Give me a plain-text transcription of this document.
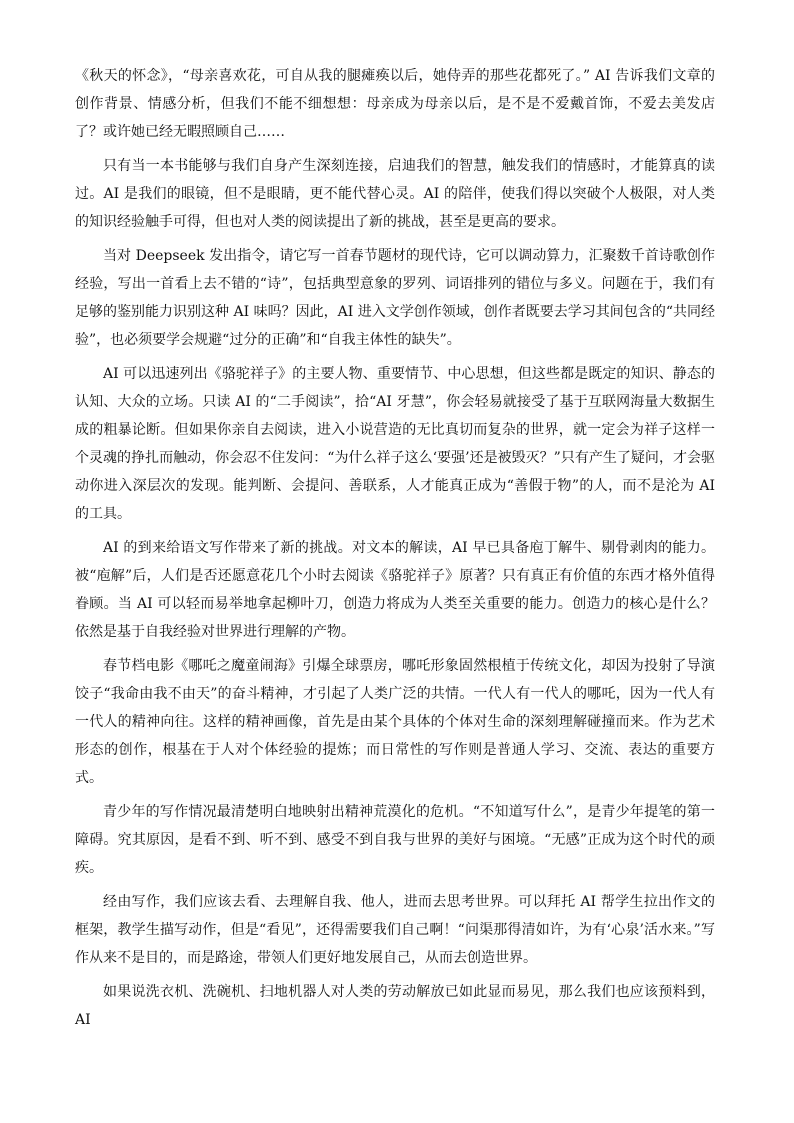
《秋天的怀念》，“母亲喜欢花，可自从我的腿瘫痪以后，她侍弄的那些花都死了。” AI 告诉我们文章的创作背景、情感分析，但我们不能不细想想：母亲成为母亲以后，是不是不爱戴首饰，不爱去美发店了？或许她已经无暇照顾自己……

只有当一本书能够与我们自身产生深刻连接，启迪我们的智慧，触发我们的情感时，才能算真的读过。AI 是我们的眼镜，但不是眼睛，更不能代替心灵。AI 的陪伴，使我们得以突破个人极限，对人类的知识经验触手可得，但也对人类的阅读提出了新的挑战，甚至是更高的要求。

当对 Deepseek 发出指令，请它写一首春节题材的现代诗，它可以调动算力，汇聚数千首诗歌创作经验，写出一首看上去不错的“诗”，包括典型意象的罗列、词语排列的错位与多义。问题在于，我们有足够的鉴别能力识别这种 AI 味吗？因此，AI 进入文学创作领域，创作者既要去学习其间包含的“共同经验”，也必须要学会规避“过分的正确”和“自我主体性的缺失”。

AI 可以迅速列出《骆驼祥子》的主要人物、重要情节、中心思想，但这些都是既定的知识、静态的认知、大众的立场。只读 AI 的“二手阅读”，拾“AI 牙慧”，你会轻易就接受了基于互联网海量大数据生成的粗暴论断。但如果你亲自去阅读，进入小说营造的无比真切而复杂的世界，就一定会为祥子这样一个灵魂的挣扎而触动，你会忍不住发问：“为什么祥子这么‘要强’还是被毁灭？”只有产生了疑问，才会驱动你进入深层次的发现。能判断、会提问、善联系，人才能真正成为“善假于物”的人，而不是沦为 AI 的工具。

AI 的到来给语文写作带来了新的挑战。对文本的解读，AI 早已具备庖丁解牛、剔骨剥肉的能力。被“庖解”后，人们是否还愿意花几个小时去阅读《骆驼祥子》原著？只有真正有价值的东西才格外值得眷顾。当 AI 可以轻而易举地拿起柳叶刀，创造力将成为人类至关重要的能力。创造力的核心是什么？依然是基于自我经验对世界进行理解的产物。

春节档电影《哪吒之魔童闹海》引爆全球票房，哪吒形象固然根植于传统文化，却因为投射了导演饺子“我命由我不由天”的奋斗精神，才引起了人类广泛的共情。一代人有一代人的哪吒，因为一代人有一代人的精神向往。这样的精神画像，首先是由某个具体的个体对生命的深刻理解碰撞而来。作为艺术形态的创作，根基在于人对个体经验的提炼；而日常性的写作则是普通人学习、交流、表达的重要方式。

青少年的写作情况最清楚明白地映射出精神荒漠化的危机。“不知道写什么”，是青少年提笔的第一障碍。究其原因，是看不到、听不到、感受不到自我与世界的美好与困境。“无感”正成为这个时代的顽疾。

经由写作，我们应该去看、去理解自我、他人，进而去思考世界。可以拜托 AI 帮学生拉出作文的框架，教学生描写动作，但是“看见”，还得需要我们自己啊！“问渠那得清如许，为有‘心泉’活水来。”写作从来不是目的，而是路途，带领人们更好地发展自己，从而去创造世界。

如果说洗衣机、洗碗机、扫地机器人对人类的劳动解放已如此显而易见，那么我们也应该预料到，AI
